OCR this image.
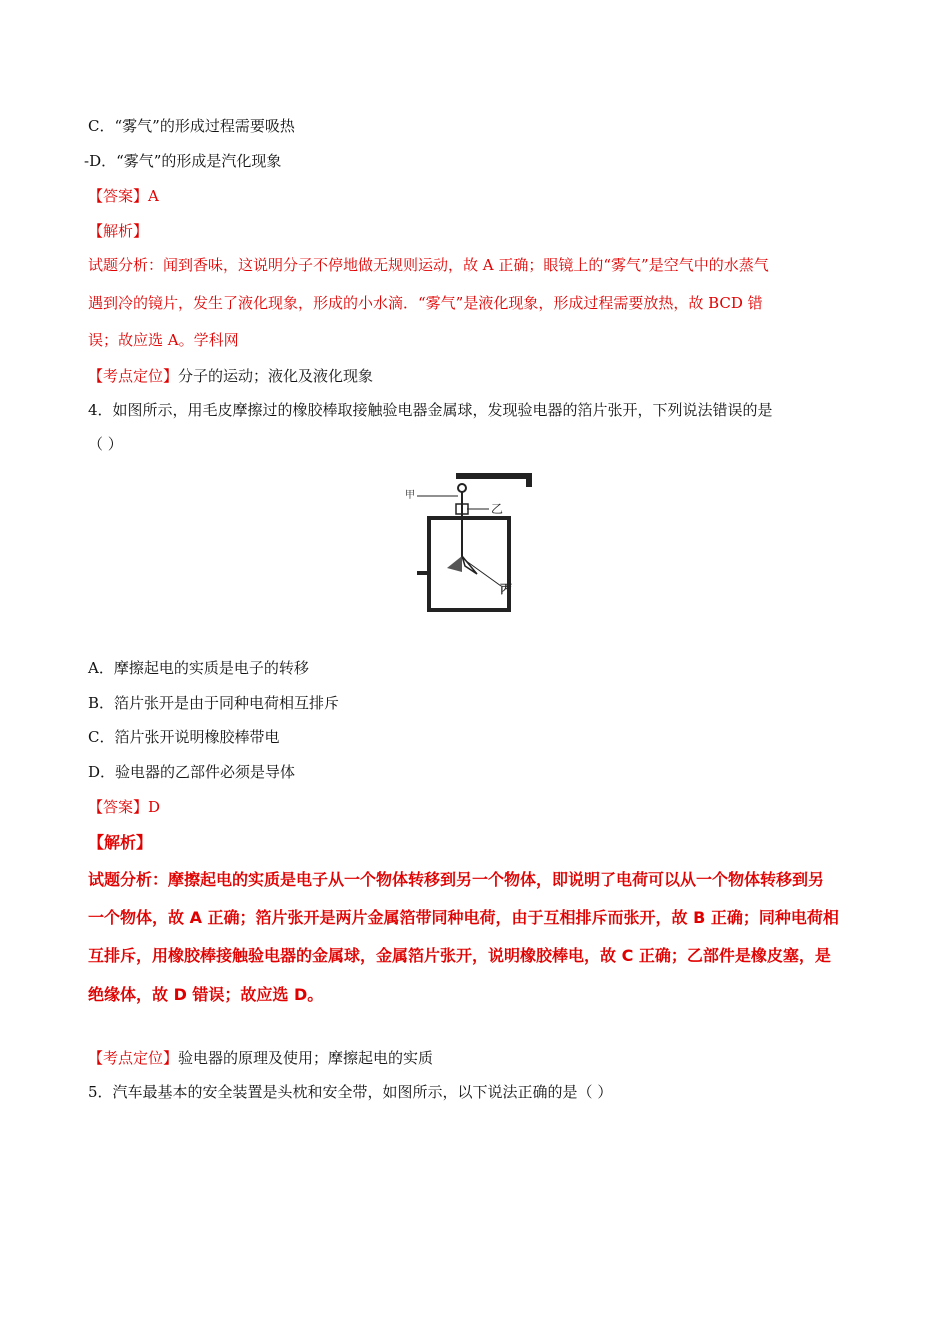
C．“雾气”的形成过程需要吸热
-D．“雾气”的形成是汽化现象
【答案】A
【解析】
试题分析：闻到香味，这说明分子不停地做无规则运动，故 A 正确；眼镜上的“雾气”是空气中的水蒸气
遇到冷的镜片，发生了液化现象，形成的小水滴．“雾气”是液化现象，形成过程需要放热，故 BCD 错
误；故应选 A。学科网
【考点定位】分子的运动；液化及液化现象
4．如图所示，用毛皮摩擦过的橡胶棒取接触验电器金属球，发现验电器的箔片张开，下列说法错误的是
（ ）
甲
乙
丙
A．摩擦起电的实质是电子的转移
B．箔片张开是由于同种电荷相互排斥
C．箔片张开说明橡胶棒带电
D．验电器的乙部件必须是导体
【答案】D
【解析】
试题分析：摩擦起电的实质是电子从一个物体转移到另一个物体，即说明了电荷可以从一个物体转移到另
一个物体，故 A 正确；箔片张开是两片金属箔带同种电荷，由于互相排斥而张开，故 B 正确；同种电荷相
互排斥，用橡胶棒接触验电器的金属球，金属箔片张开，说明橡胶棒电，故 C 正确；乙部件是橡皮塞，是
绝缘体，故 D 错误；故应选 D。
【考点定位】验电器的原理及使用；摩擦起电的实质
5．汽车最基本的安全装置是头枕和安全带，如图所示，以下说法正确的是（ ）
